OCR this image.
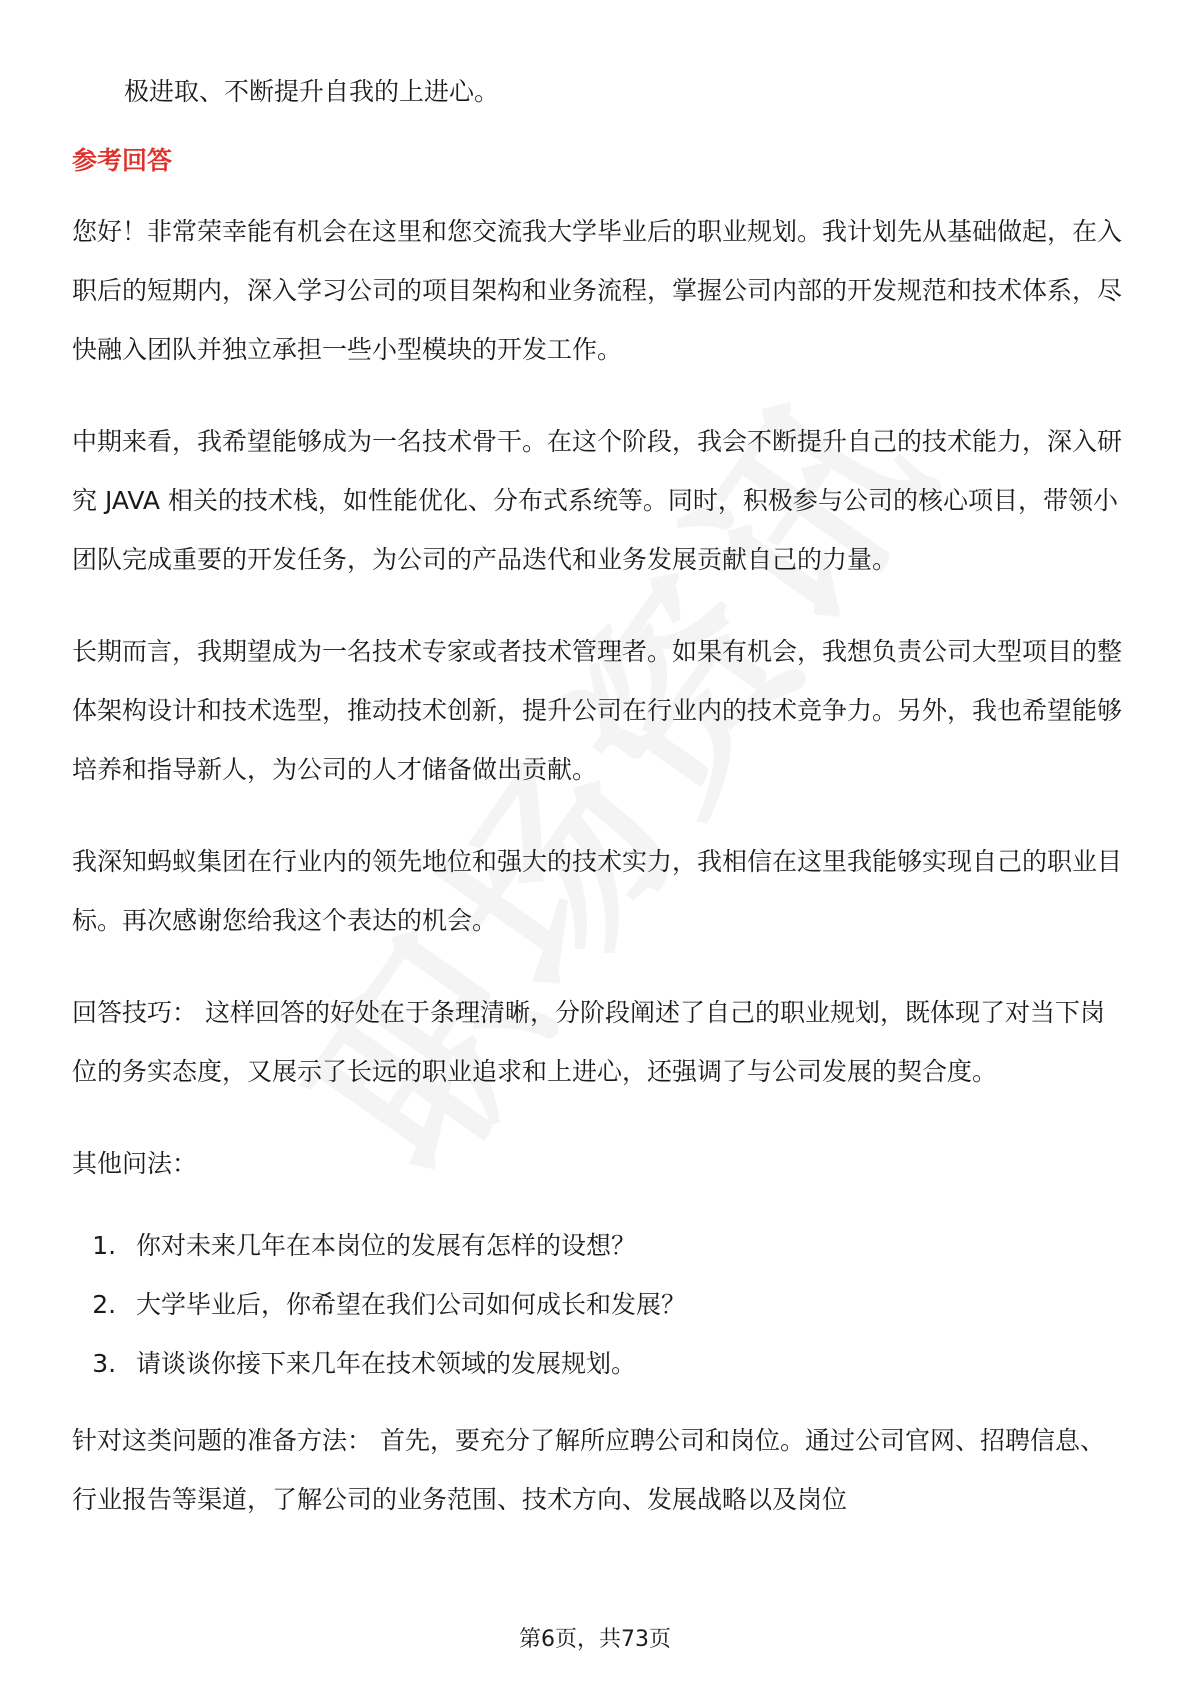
极进取、不断提升自我的上进心。
参考回答

您好！非常荣幸能有机会在这里和您交流我大学毕业后的职业规划。我计划先从基础做起，在入职后的短期内，深入学习公司的项目架构和业务流程，掌握公司内部的开发规范和技术体系，尽快融入团队并独立承担一些小型模块的开发工作。

中期来看，我希望能够成为一名技术骨干。在这个阶段，我会不断提升自己的技术能力，深入研究 JAVA 相关的技术栈，如性能优化、分布式系统等。同时，积极参与公司的核心项目，带领小团队完成重要的开发任务，为公司的产品迭代和业务发展贡献自己的力量。

长期而言，我期望成为一名技术专家或者技术管理者。如果有机会，我想负责公司大型项目的整体架构设计和技术选型，推动技术创新，提升公司在行业内的技术竞争力。另外，我也希望能够培养和指导新人，为公司的人才储备做出贡献。

我深知蚂蚁集团在行业内的领先地位和强大的技术实力，我相信在这里我能够实现自己的职业目标。再次感谢您给我这个表达的机会。

回答技巧： 这样回答的好处在于条理清晰，分阶段阐述了自己的职业规划，既体现了对当下岗位的务实态度，又展示了长远的职业追求和上进心，还强调了与公司发展的契合度。

其他问法：

1. 你对未来几年在本岗位的发展有怎样的设想？
2. 大学毕业后，你希望在我们公司如何成长和发展？
3. 请谈谈你接下来几年在技术领域的发展规划。

针对这类问题的准备方法： 首先，要充分了解所应聘公司和岗位。通过公司官网、招聘信息、行业报告等渠道，了解公司的业务范围、技术方向、发展战略以及岗位

第6页，共73页
